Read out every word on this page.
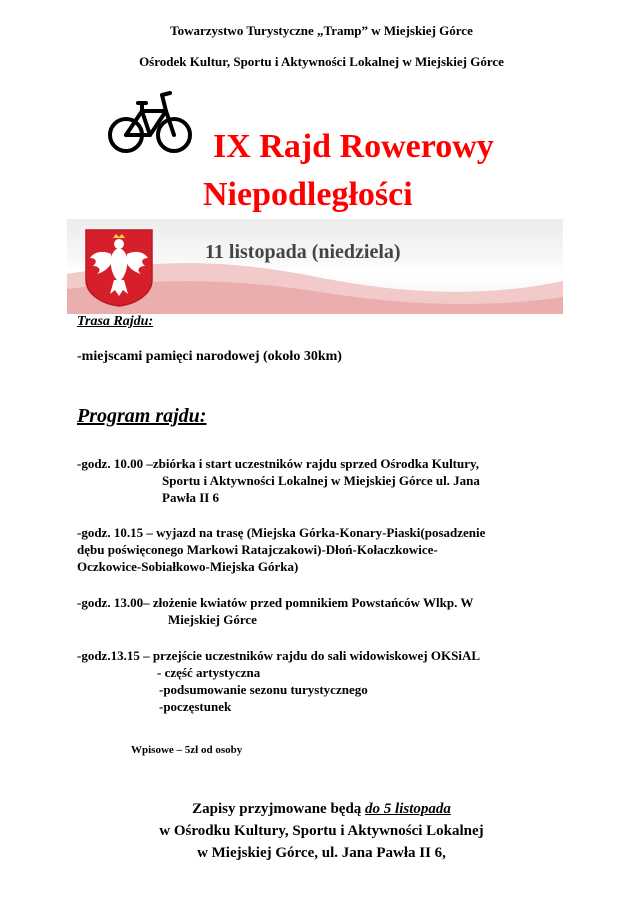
Towarzystwo Turystyczne „Tramp” w Miejskiej Górce
Ośrodek Kultur, Sportu i Aktywności Lokalnej w Miejskiej Górce
IX Rajd Rowerowy
Niepodległości
11 listopada (niedziela)
Trasa Rajdu:
-miejscami pamięci narodowej (około 30km)
Program rajdu:
-godz. 10.00 –zbiórka i start uczestników rajdu sprzed Ośrodka Kultury,
Sportu i Aktywności Lokalnej w Miejskiej Górce ul. Jana
Pawła II 6
-godz. 10.15 – wyjazd na trasę (Miejska Górka-Konary-Piaski(posadzenie
dębu poświęconego Markowi Ratajczakowi)-Dłoń-Kołaczkowice-
Oczkowice-Sobiałkowo-Miejska Górka)
-godz. 13.00– złożenie kwiatów przed pomnikiem Powstańców Wlkp. W
Miejskiej Górce
-godz.13.15 – przejście uczestników rajdu do sali widowiskowej OKSiAL
- część artystyczna
-podsumowanie sezonu turystycznego
-poczęstunek
Wpisowe – 5zł od osoby
Zapisy przyjmowane będą do 5 listopada
w Ośrodku Kultury, Sportu i Aktywności Lokalnej
w Miejskiej Górce, ul. Jana Pawła II 6,
